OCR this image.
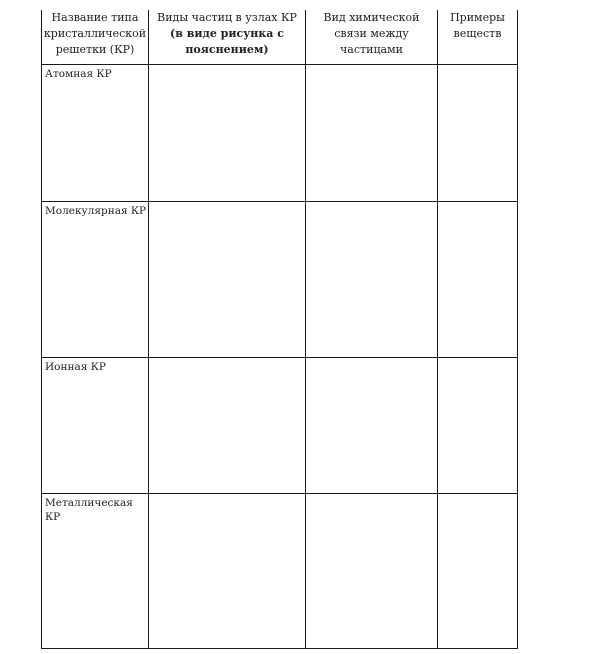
Название типа кристаллической решетки (КР)	Виды частиц в узлах КР
(в виде рисунка с
пояснением)	Вид химической связи между частицами	Примеры веществ

Атомная КР			

Молекулярная КР			

Ионная КР			

Металлическая КР			
